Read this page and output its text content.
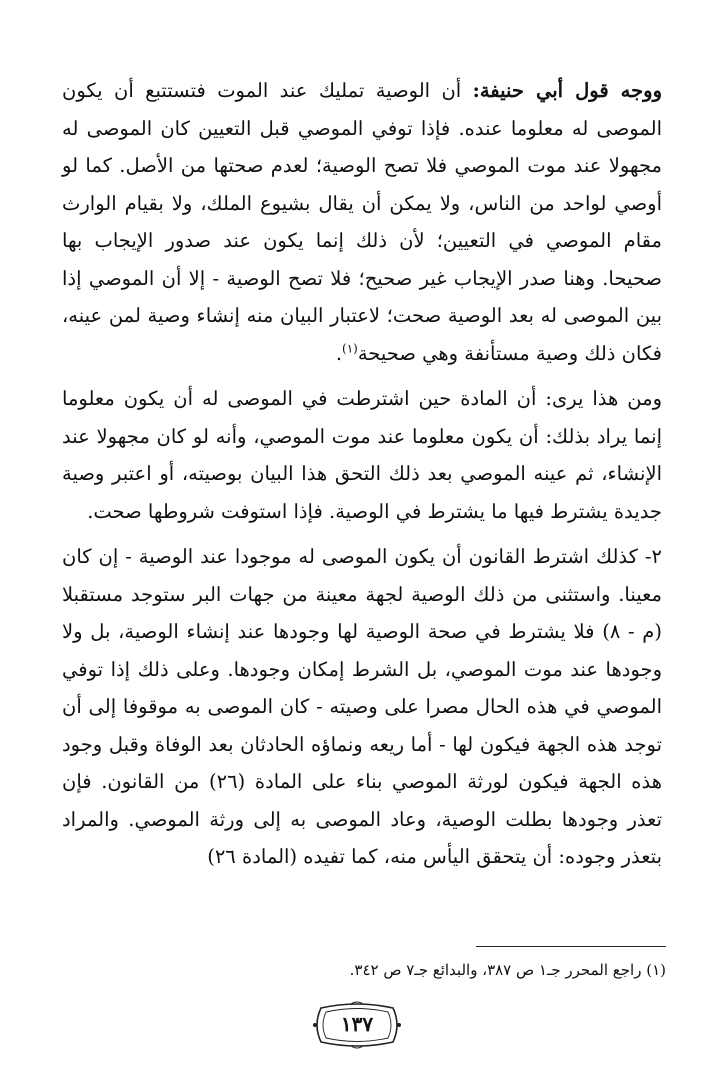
ووجه قول أبي حنيفة: أن الوصية تمليك عند الموت فتستتبع أن يكون الموصى له معلوما عنده. فإذا توفي الموصي قبل التعيين كان الموصى له مجهولا عند موت الموصي فلا تصح الوصية؛ لعدم صحتها من الأصل. كما لو أوصي لواحد من الناس، ولا يمكن أن يقال بشيوع الملك، ولا بقيام الوارث مقام الموصي في التعيين؛ لأن ذلك إنما يكون عند صدور الإيجاب بها صحيحا. وهنا صدر الإيجاب غير صحيح؛ فلا تصح الوصية - إلا أن الموصي إذا بين الموصى له بعد الوصية صحت؛ لاعتبار البيان منه إنشاء وصية لمن عينه، فكان ذلك وصية مستأنفة وهي صحيحة$^{(١)}$.

ومن هذا يرى: أن المادة حين اشترطت في الموصى له أن يكون معلوما إنما يراد بذلك: أن يكون معلوما عند موت الموصي، وأنه لو كان مجهولا عند الإنشاء، ثم عينه الموصي بعد ذلك التحق هذا البيان بوصيته، أو اعتبر وصية جديدة يشترط فيها ما يشترط في الوصية. فإذا استوفت شروطها صحت.

٢- كذلك اشترط القانون أن يكون الموصى له موجودا عند الوصية - إن كان معينا. واستثنى من ذلك الوصية لجهة معينة من جهات البر ستوجد مستقبلا (م - ٨) فلا يشترط في صحة الوصية لها وجودها عند إنشاء الوصية، بل ولا وجودها عند موت الموصي، بل الشرط إمكان وجودها. وعلى ذلك إذا توفي الموصي في هذه الحال مصرا على وصيته - كان الموصى به موقوفا إلى أن توجد هذه الجهة فيكون لها - أما ريعه ونماؤه الحادثان بعد الوفاة وقبل وجود هذه الجهة فيكون لورثة الموصي بناء على المادة (٢٦) من القانون. فإن تعذر وجودها بطلت الوصية، وعاد الموصى به إلى ورثة الموصي. والمراد بتعذر وجوده: أن يتحقق اليأس منه، كما تفيده (المادة ٢٦)

(١) راجع المحرر جـ١ ص ٣٨٧، والبدائع جـ٧ ص ٣٤٢.
١٣٧
